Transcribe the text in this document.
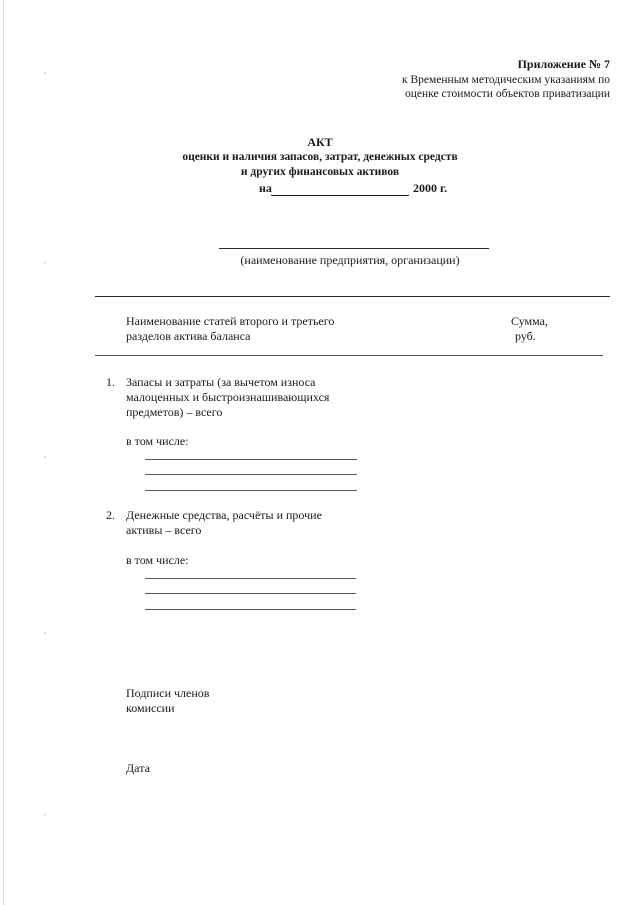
‹
‹
‹
‹
‹
Приложение № 7
к Временным методическим указаниям по
оценке стоимости объектов приватизации
АКТ
оценки и наличия запасов, затрат, денежных средств
и других финансовых активов
на	2000 г.
(наименование предприятия, организации)
Наименование статей второго и третьего
разделов актива баланса
Сумма,
руб.
1. Запасы и затраты (за вычетом износа
малоценных и быстроизнашивающихся
предметов) – всего
в том числе:
2. Денежные средства, расчёты и прочие
активы – всего
в том числе:
Подписи членов
комиссии
Дата
